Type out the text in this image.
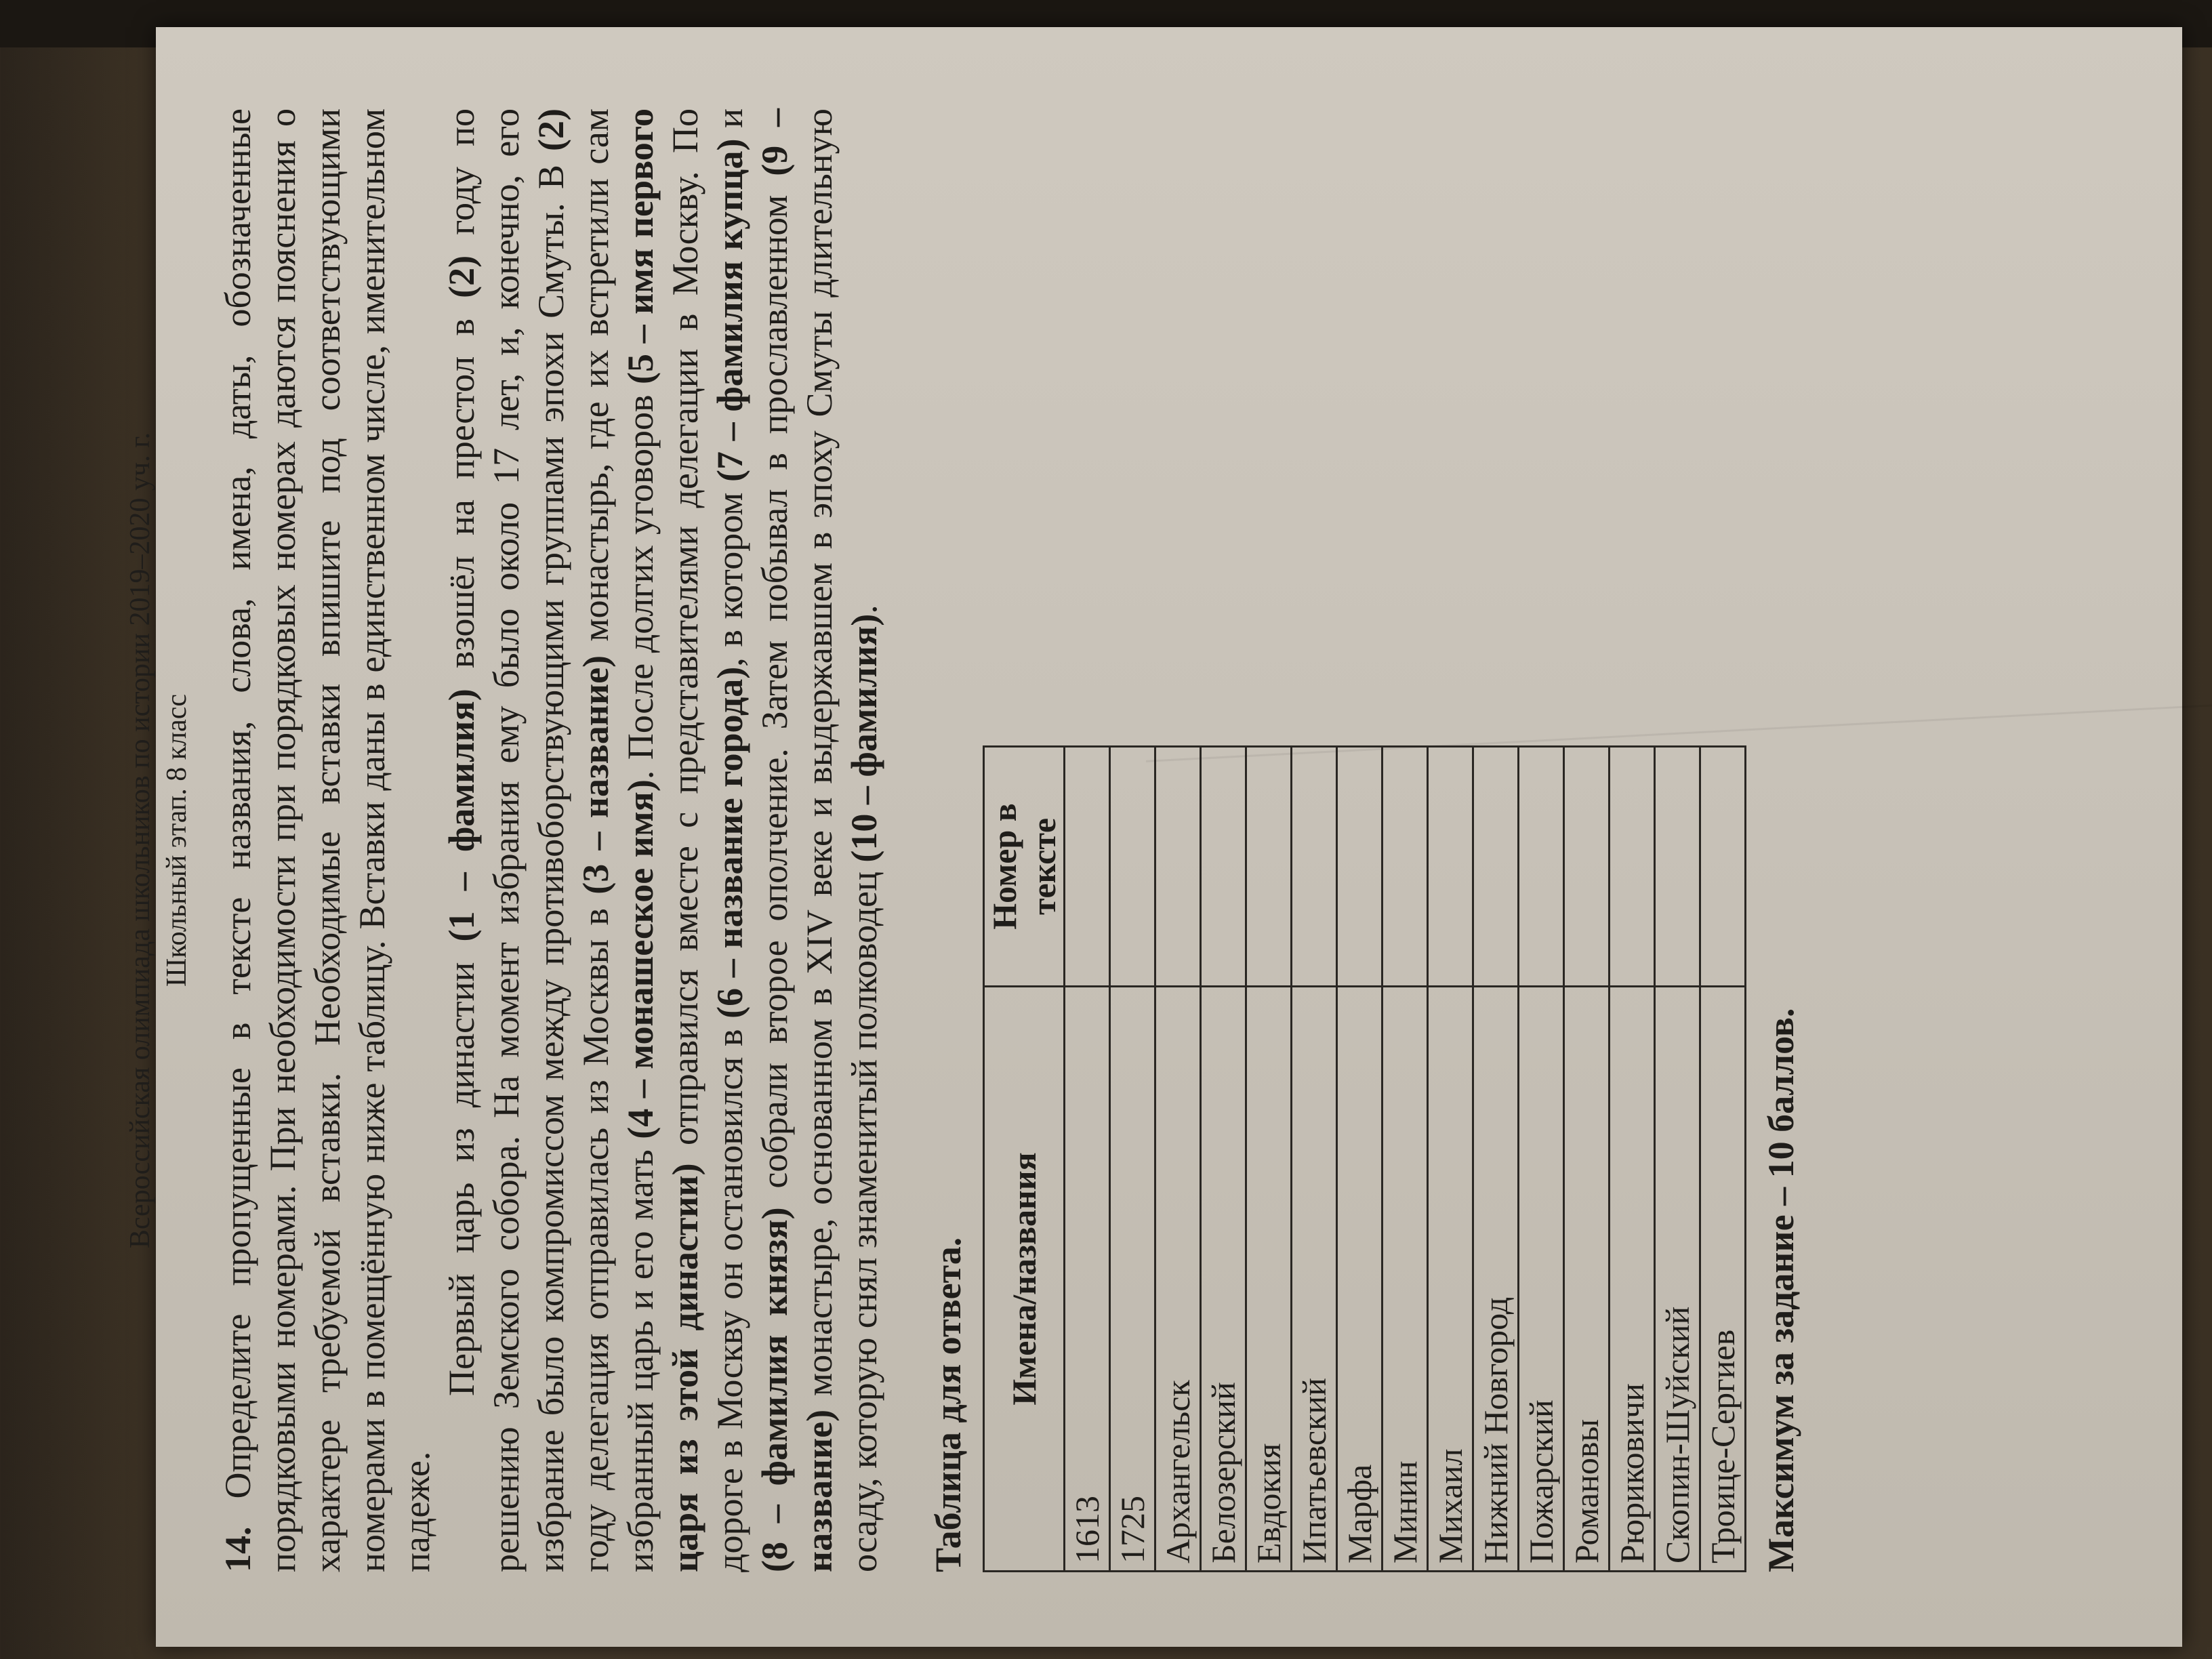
Всероссийская олимпиада школьников по истории 2019–2020 уч. г. Школьный этап. 8 класс
14. Определите пропущенные в тексте названия, слова, имена, даты, обозначенные порядковыми номерами. При необходимости при порядковых номерах даются пояснения о характере требуемой вставки. Необходимые вставки впишите под соответствующими номерами в помещённую ниже таблицу. Вставки даны в единственном числе, именительном падеже.
Первый царь из династии (1 – фамилия) взошёл на престол в (2) году по решению Земского собора. На момент избрания ему было около 17 лет, и, конечно, его избрание было компромиссом между противоборствующими группами эпохи Смуты. В (2) году делегация отправилась из Москвы в (3 – название) монастырь, где их встретили сам избранный царь и его мать (4 – монашеское имя). После долгих уговоров (5 – имя первого царя из этой династии) отправился вместе с представителями делегации в Москву. По дороге в Москву он остановился в (6 – название города), в котором (7 – фамилия купца) и (8 – фамилия князя) собрали второе ополчение. Затем побывал в прославленном (9 – название) монастыре, основанном в XIV веке и выдержавшем в эпоху Смуты длительную осаду, которую снял знаменитый полководец (10 – фамилия).
Таблица для ответа. Имена/названия	Номер в тексте
1613	
1725	
Архангельск	
Белозерский	
Евдокия	
Ипатьевский	
Марфа	
Минин	
Михаил	
Нижний Новгород	
Пожарский	
Романовы	
Рюриковичи	
Скопин-Шуйский	
Троице-Сергиев	Максимум за задание – 10 баллов.
